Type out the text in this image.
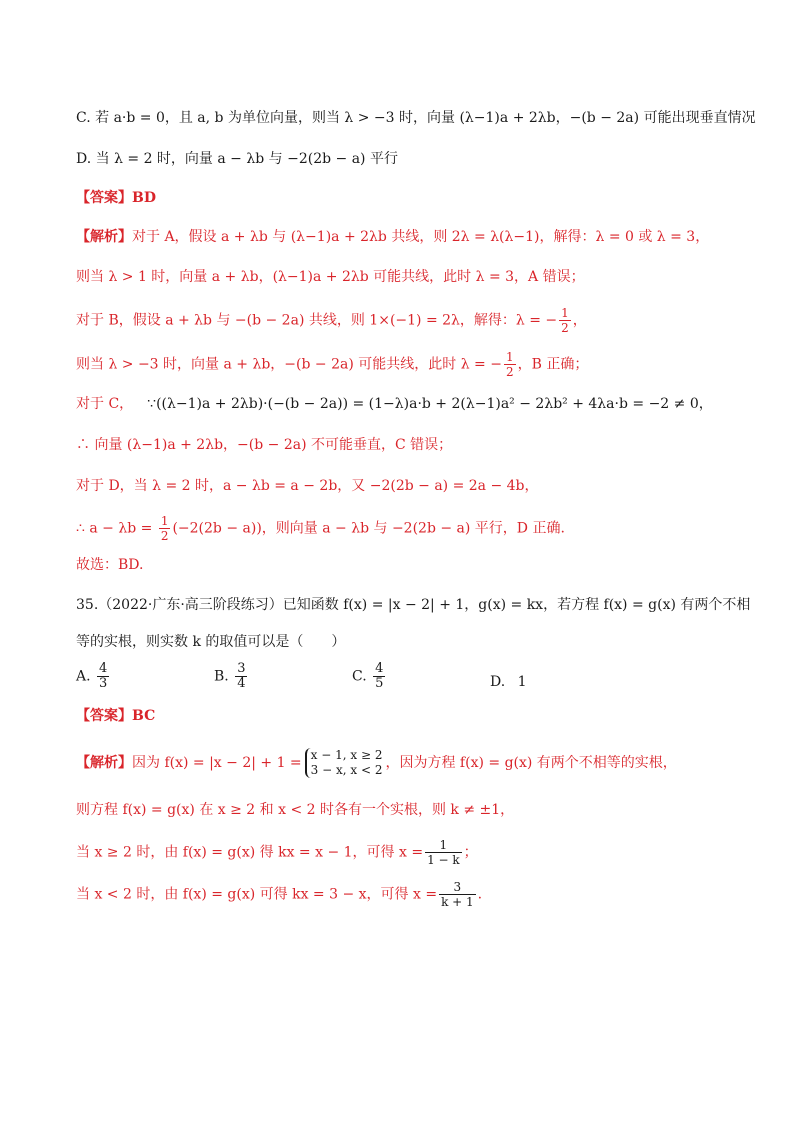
C. 若 a·b = 0，且 a, b 为单位向量，则当 λ > −3 时，向量 (λ−1)a + 2λb，−(b − 2a) 可能出现垂直情况
D. 当 λ = 2 时，向量 a − λb 与 −2(2b − a) 平行
【答案】BD
【解析】对于 A，假设 a + λb 与 (λ−1)a + 2λb 共线，则 2λ = λ(λ−1)，解得：λ = 0 或 λ = 3，
则当 λ > 1 时，向量 a + λb，(λ−1)a + 2λb 可能共线，此时 λ = 3，A 错误；
对于 B，假设 a + λb 与 −(b − 2a) 共线，则 1×(−1) = 2λ，解得：λ = − $\frac{1}{2}$ ，
则当 λ > −3 时，向量 a + λb，−(b − 2a) 可能共线，此时 λ = − $\frac{1}{2}$ ，B 正确；
对于 C， ∵((λ−1)a + 2λb)·(−(b − 2a)) = (1−λ)a·b + 2(λ−1)a² − 2λb² + 4λa·b = −2 ≠ 0，
∴ 向量 (λ−1)a + 2λb，−(b − 2a) 不可能垂直，C 错误；
对于 D，当 λ = 2 时，a − λb = a − 2b，又 −2(2b − a) = 2a − 4b，
∴ $a - \lambda b = \frac{1}{2} (-2(2b - a))$，则向量 a − λb 与 −2(2b − a) 平行，D 正确.
故选：BD.
35.（2022·广东·高三阶段练习）已知函数 f(x) = |x − 2| + 1，g(x) = kx，若方程 f(x) = g(x) 有两个不相
等的实根，则实数 k 的取值可以是（　　）
A. $\frac{4}{3}$	B. $\frac{3}{4}$	C. $\frac{4}{5}$	D. 1
【答案】BC
【解析】因为 f(x) = |x − 2| + 1 = x − 1, x ≥ 2
3 − x, x < 2 ，因为方程 f(x) = g(x) 有两个不相等的实根，
则方程 f(x) = g(x) 在 x ≥ 2 和 x < 2 时各有一个实根，则 k ≠ ±1，
当 x ≥ 2 时，由 f(x) = g(x) 得 kx = x − 1，可得 $x = \frac{1}{1 - k}$ ；
当 x < 2 时，由 f(x) = g(x) 可得 kx = 3 − x，可得 $x = \frac{3}{k + 1}$ .
